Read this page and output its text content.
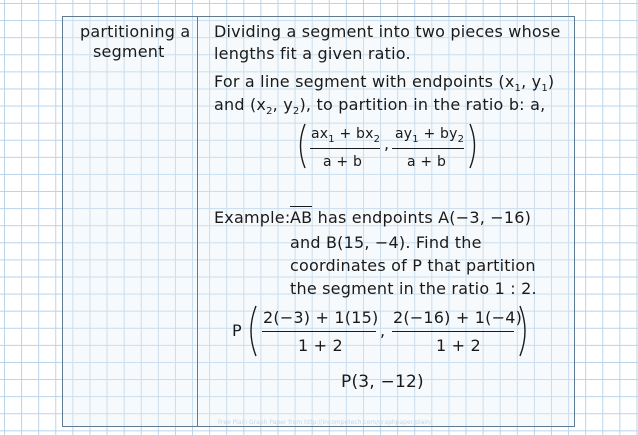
partitioning a
segment
Dividing a segment into two pieces whose
lengths fit a given ratio.
For a line segment with endpoints ($x_1$, $y_1$)
and ($x_2$, $y_2$), to partition in the ratio b: a,
$ax_1 + bx_2$
a + b
, $ay_1 + by_2$
a + b
Example: AB has endpoints A(−3, −16)
and B(15, −4). Find the
coordinates of P that partition
the segment in the ratio 1 : 2.
P
2(−3) + 1(15)
1 + 2
,
2(−16) + 1(−4)
1 + 2
P(3, −12)
Free Plain Graph Paper from http://incompetech.com/graphpaper/plain/
